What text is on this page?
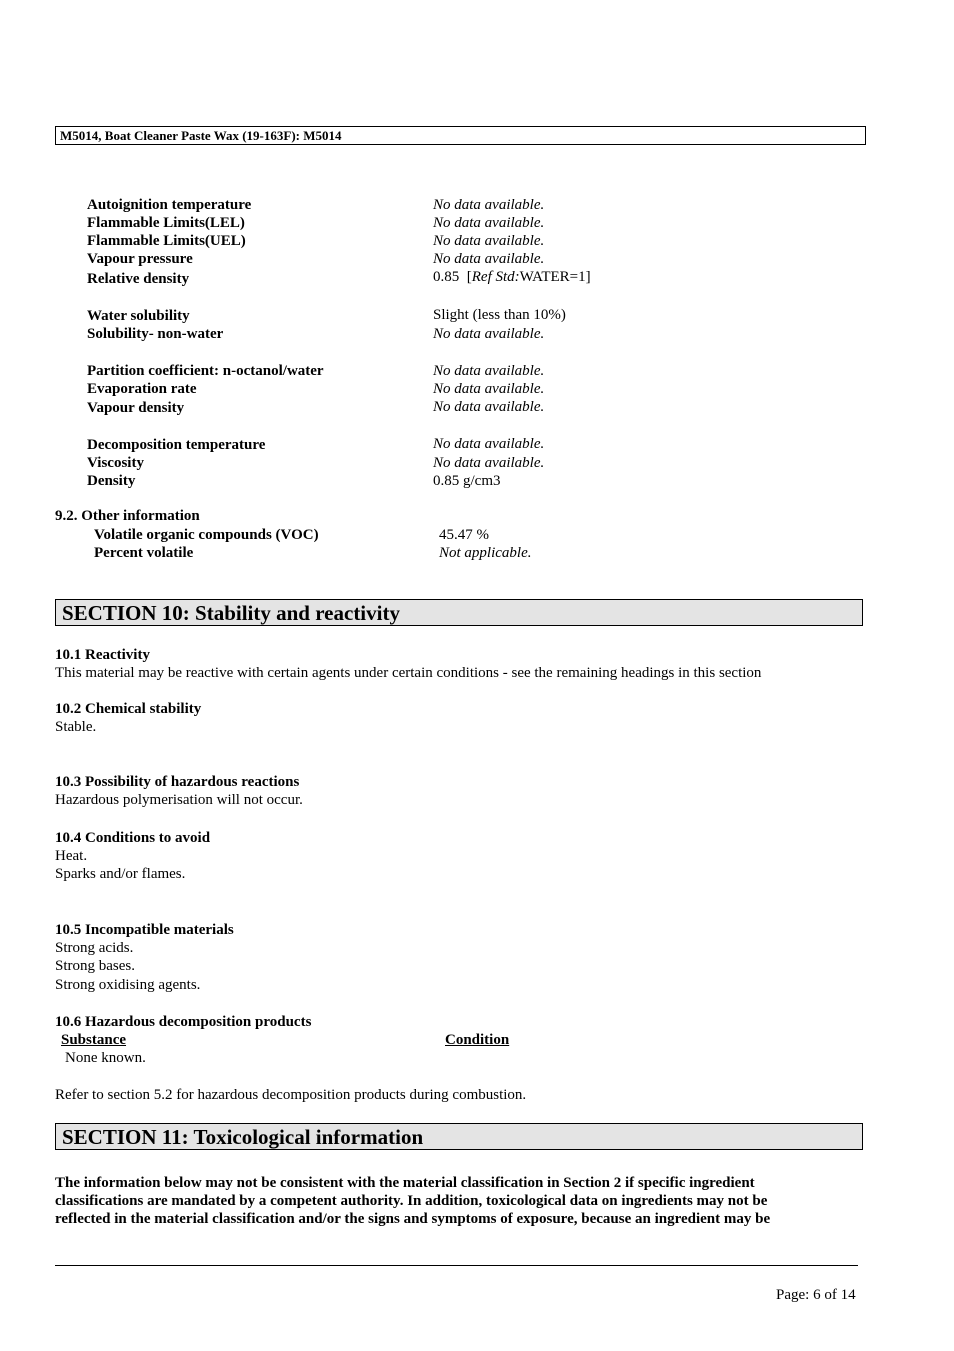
M5014, Boat Cleaner Paste Wax (19-163F): M5014
Autoignition temperature	No data available.
Flammable Limits(LEL)	No data available.
Flammable Limits(UEL)	No data available.
Vapour pressure	No data available.
Relative density	0.85  [Ref Std:WATER=1]
Water solubility	Slight (less than 10%)
Solubility- non-water	No data available.
Partition coefficient: n-octanol/water	No data available.
Evaporation rate	No data available.
Vapour density	No data available.
Decomposition temperature	No data available.
Viscosity	No data available.
Density	0.85 g/cm3
9.2. Other information
Volatile organic compounds (VOC)	45.47 %
Percent volatile	Not applicable.
SECTION 10: Stability and reactivity
10.1 Reactivity
This material may be reactive with certain agents under certain conditions - see the remaining headings in this section
10.2 Chemical stability
Stable.
10.3 Possibility of hazardous reactions
Hazardous polymerisation will not occur.
10.4 Conditions to avoid
Heat.
Sparks and/or flames.
10.5 Incompatible materials
Strong acids.
Strong bases.
Strong oxidising agents.
10.6 Hazardous decomposition products
Substance	Condition
None known.
Refer to section 5.2 for hazardous decomposition products during combustion.
SECTION 11: Toxicological information
The information below may not be consistent with the material classification in Section 2 if specific ingredient
classifications are mandated by a competent authority. In addition, toxicological data on ingredients may not be
reflected in the material classification and/or the signs and symptoms of exposure, because an ingredient may be
Page: 6 of 14
